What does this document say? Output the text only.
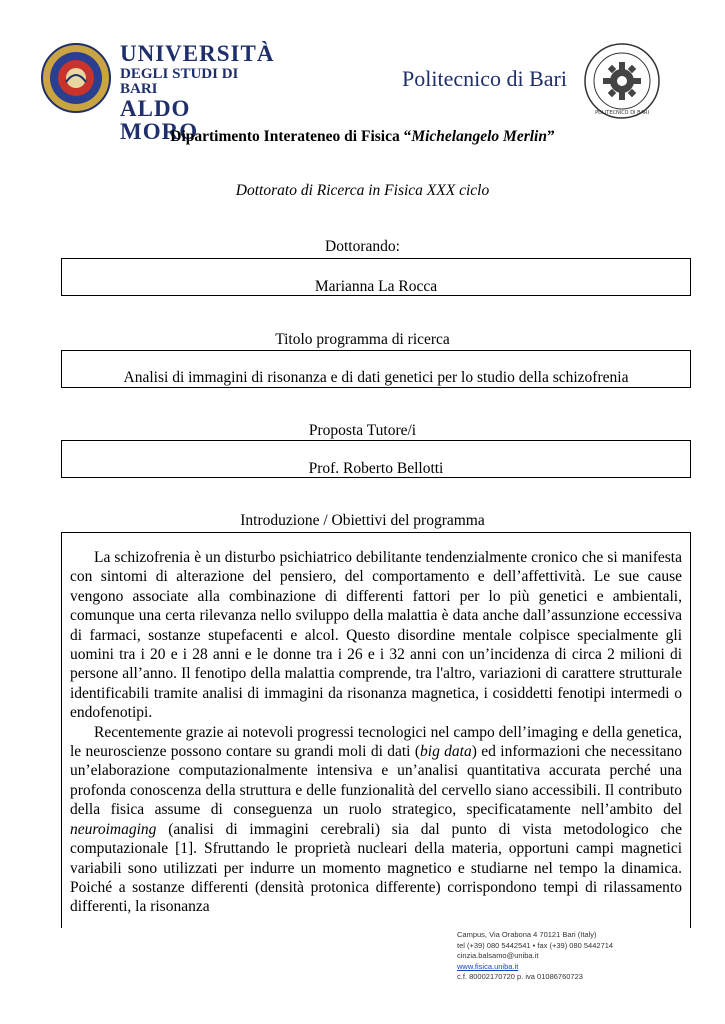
UNIVERSITÀ
DEGLI STUDI DI BARI
ALDO MORO
Politecnico di Bari
POLITECNICO DI BARI
Dipartimento Interateneo di Fisica “Michelangelo Merlin”
Dottorato di Ricerca in Fisica XXX ciclo
Dottorando:
Marianna La Rocca
Titolo programma di ricerca
Analisi di immagini di risonanza e di dati genetici per lo studio della schizofrenia
Proposta Tutore/i
Prof. Roberto Bellotti
Introduzione / Obiettivi del programma

La schizofrenia è un disturbo psichiatrico debilitante tendenzialmente cronico che si manifesta con sintomi di alterazione del pensiero, del comportamento e dell’affettività. Le sue cause vengono associate alla combinazione di differenti fattori per lo più genetici e ambientali, comunque una certa rilevanza nello sviluppo della malattia è data anche dall’assunzione eccessiva di farmaci, sostanze stupefacenti e alcol. Questo disordine mentale colpisce specialmente gli uomini tra i 20 e i 28 anni e le donne tra i 26 e i 32 anni con un’incidenza di circa 2 milioni di persone all’anno. Il fenotipo della malattia comprende, tra l'altro, variazioni di carattere strutturale identificabili tramite analisi di immagini da risonanza magnetica, i cosiddetti fenotipi intermedi o endofenotipi.

Recentemente grazie ai notevoli progressi tecnologici nel campo dell’imaging e della genetica, le neuroscienze possono contare su grandi moli di dati (big data) ed informazioni che necessitano un’elaborazione computazionalmente intensiva e un’analisi quantitativa accurata perché una profonda conoscenza della struttura e delle funzionalità del cervello siano accessibili. Il contributo della fisica assume di conseguenza un ruolo strategico, specificatamente nell’ambito del neuroimaging (analisi di immagini cerebrali) sia dal punto di vista metodologico che computazionale [1]. Sfruttando le proprietà nucleari della materia, opportuni campi magnetici variabili sono utilizzati per indurre un momento magnetico e studiarne nel tempo la dinamica. Poiché a sostanze differenti (densità protonica differente) corrispondono tempi di rilassamento differenti, la risonanza

Campus, Via Orabona 4 70121 Bari (Italy)
tel (+39) 080 5442541 • fax (+39) 080 5442714
cinzia.balsamo@uniba.it
www.fisica.uniba.it
c.f. 80002170720 p. iva 01086760723
